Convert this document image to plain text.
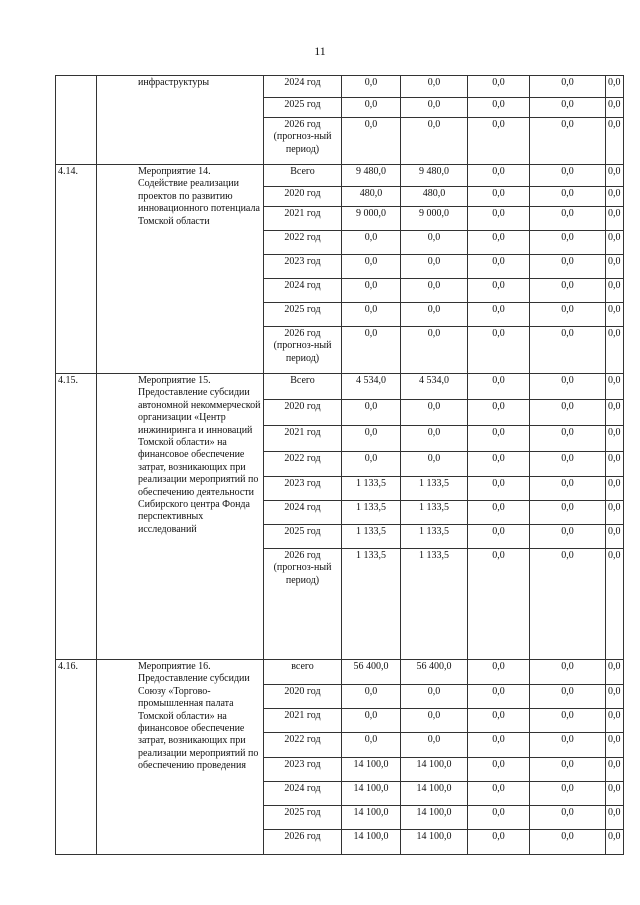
11
	инфраструктуры	2024 год	0,0	0,0	0,0	0,0	0,0
		2025 год	0,0	0,0	0,0	0,0	0,0
		2026 год (прогноз-ный период)	0,0	0,0	0,0	0,0	0,0
4.14.	Мероприятие 14. Содействие реализации проектов по развитию инновационного потенциала Томской области	Всего	9 480,0	9 480,0	0,0	0,0	0,0
		2020 год	480,0	480,0	0,0	0,0	0,0
		2021 год	9 000,0	9 000,0	0,0	0,0	0,0
		2022 год	0,0	0,0	0,0	0,0	0,0
		2023 год	0,0	0,0	0,0	0,0	0,0
		2024 год	0,0	0,0	0,0	0,0	0,0
		2025 год	0,0	0,0	0,0	0,0	0,0
		2026 год (прогноз-ный период)	0,0	0,0	0,0	0,0	0,0
4.15.	Мероприятие 15. Предоставление субсидии автономной некоммерческой организации «Центр инжиниринга и инноваций Томской области» на финансовое обеспечение затрат, возникающих при реализации мероприятий по обеспечению деятельности Сибирского центра Фонда перспективных исследований	Всего	4 534,0	4 534,0	0,0	0,0	0,0
		2020 год	0,0	0,0	0,0	0,0	0,0
		2021 год	0,0	0,0	0,0	0,0	0,0
		2022 год	0,0	0,0	0,0	0,0	0,0
		2023 год	1 133,5	1 133,5	0,0	0,0	0,0
		2024 год	1 133,5	1 133,5	0,0	0,0	0,0
		2025 год	1 133,5	1 133,5	0,0	0,0	0,0
		2026 год (прогноз-ный период)	1 133,5	1 133,5	0,0	0,0	0,0
4.16.	Мероприятие 16. Предоставление субсидии Союзу «Торгово-промышленная палата Томской области» на финансовое обеспечение затрат, возникающих при реализации мероприятий по обеспечению проведения	всего	56 400,0	56 400,0	0,0	0,0	0,0
		2020 год	0,0	0,0	0,0	0,0	0,0
		2021 год	0,0	0,0	0,0	0,0	0,0
		2022 год	0,0	0,0	0,0	0,0	0,0
		2023 год	14 100,0	14 100,0	0,0	0,0	0,0
		2024 год	14 100,0	14 100,0	0,0	0,0	0,0
		2025 год	14 100,0	14 100,0	0,0	0,0	0,0
		2026 год	14 100,0	14 100,0	0,0	0,0	0,0
